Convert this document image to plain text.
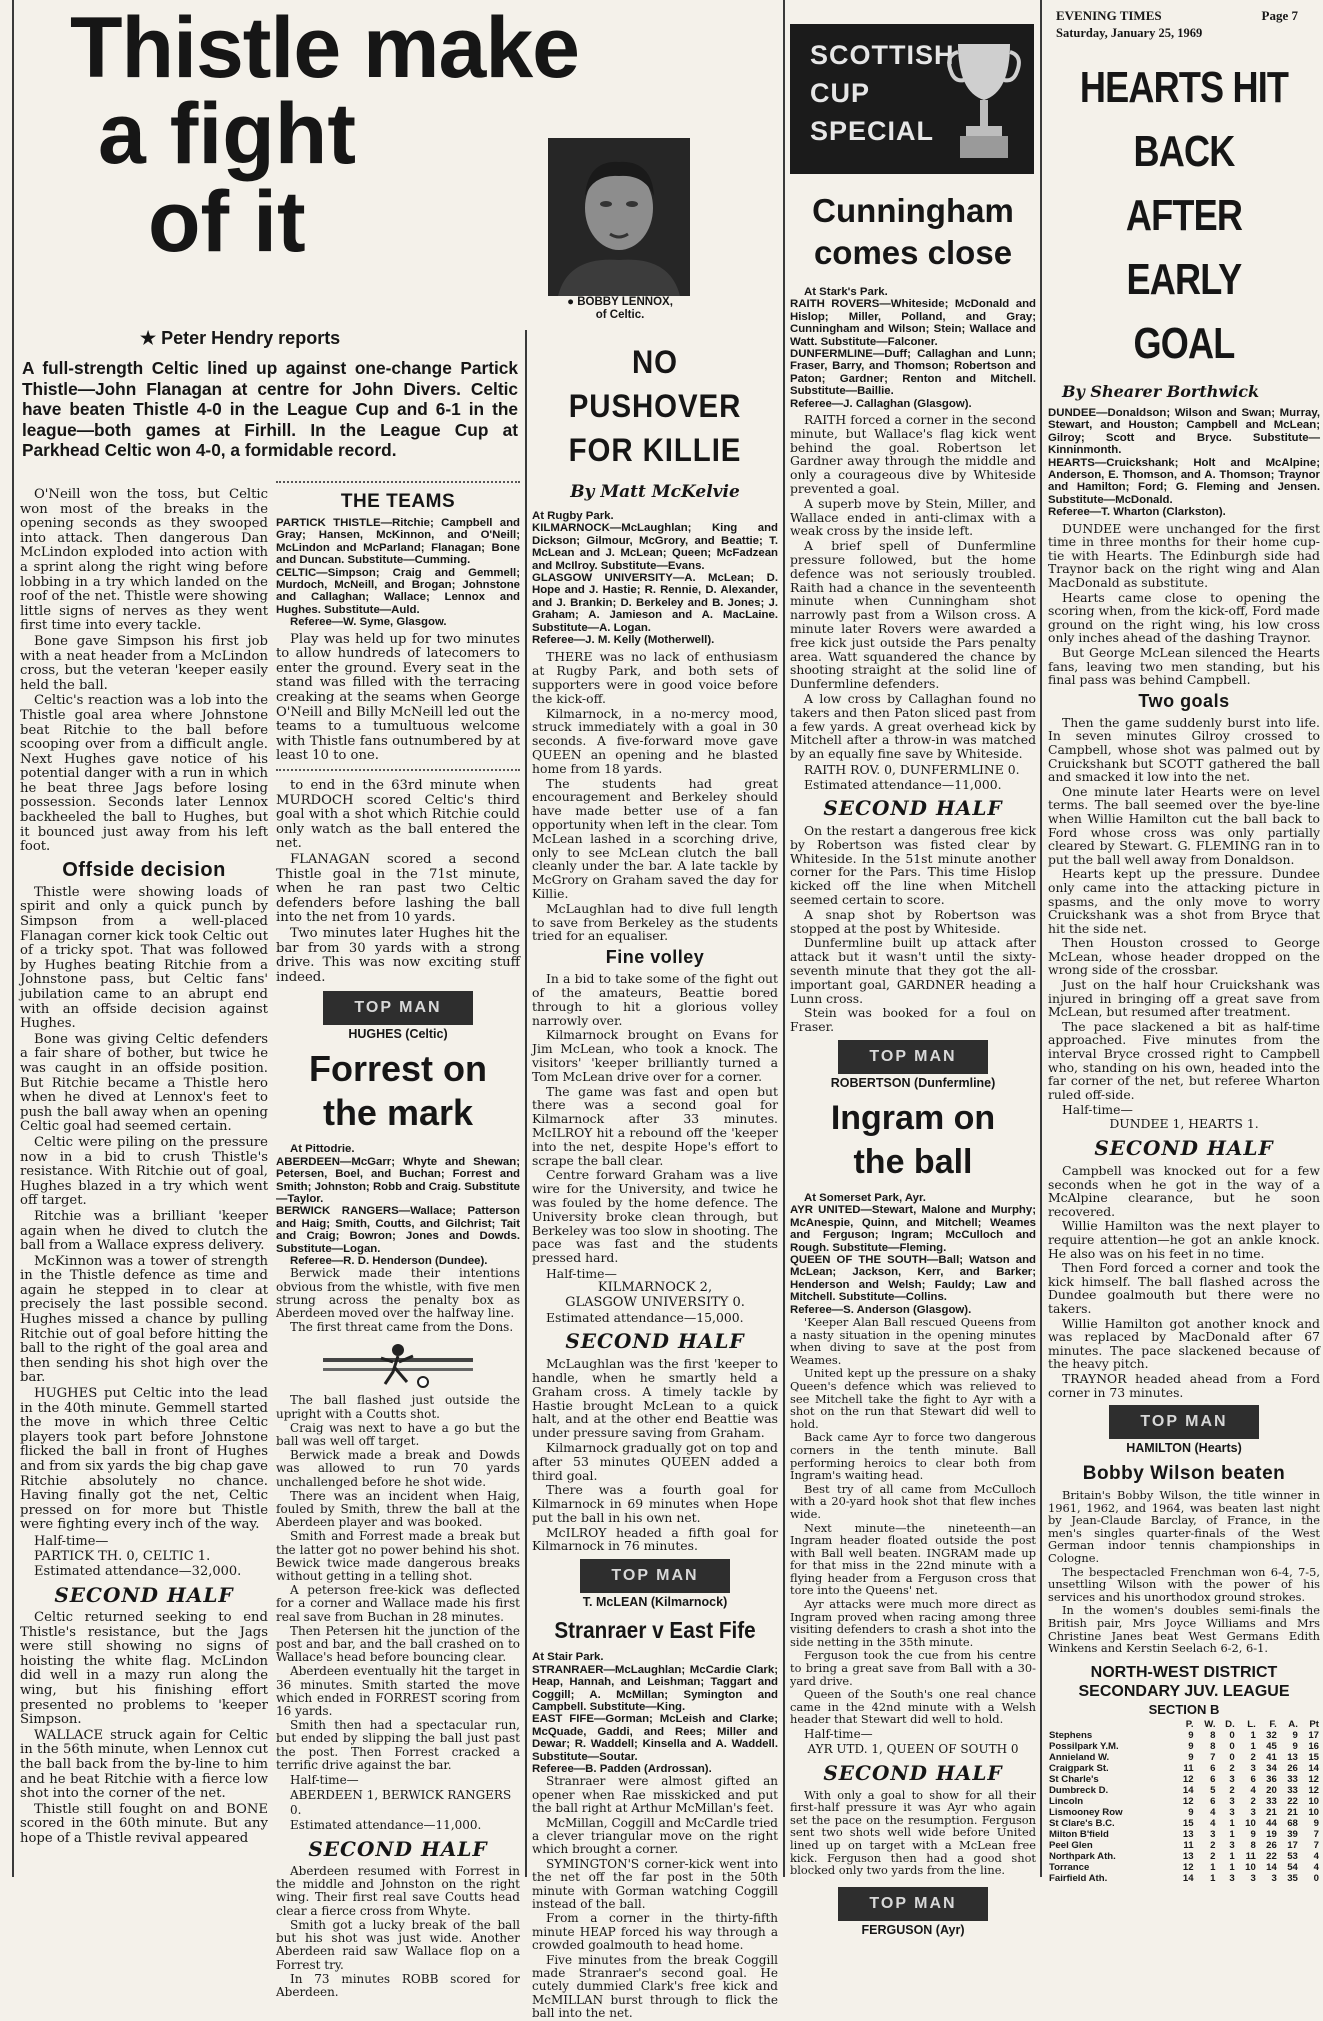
Thistle make
a fight
of it
★ Peter Hendry reports

A full-strength Celtic lined up against one-change Partick Thistle—John Flanagan at centre for John Divers. Celtic have beaten Thistle 4-0 in the League Cup and 6-1 in the league—both games at Firhill. In the League Cup at Parkhead Celtic won 4-0, a formidable record.

O'Neill won the toss, but Celtic won most of the breaks in the opening seconds as they swooped into attack. Then dangerous Dan McLindon exploded into action with a sprint along the right wing before lobbing in a try which landed on the roof of the net. Thistle were showing little signs of nerves as they went first time into every tackle.

Bone gave Simpson his first job with a neat header from a McLindon cross, but the veteran 'keeper easily held the ball.

Celtic's reaction was a lob into the Thistle goal area where Johnstone beat Ritchie to the ball before scooping over from a difficult angle. Next Hughes gave notice of his potential danger with a run in which he beat three Jags before losing possession. Seconds later Lennox backheeled the ball to Hughes, but it bounced just away from his left foot.

Offside decision

Thistle were showing loads of spirit and only a quick punch by Simpson from a well-placed Flanagan corner kick took Celtic out of a tricky spot. That was followed by Hughes beating Ritchie from a Johnstone pass, but Celtic fans' jubilation came to an abrupt end with an offside decision against Hughes.

Bone was giving Celtic defenders a fair share of bother, but twice he was caught in an offside position. But Ritchie became a Thistle hero when he dived at Lennox's feet to push the ball away when an opening Celtic goal had seemed certain.

Celtic were piling on the pressure now in a bid to crush Thistle's resistance. With Ritchie out of goal, Hughes blazed in a try which went off target.

Ritchie was a brilliant 'keeper again when he dived to clutch the ball from a Wallace express delivery.

McKinnon was a tower of strength in the Thistle defence as time and again he stepped in to clear at precisely the last possible second. Hughes missed a chance by pulling Ritchie out of goal before hitting the ball to the right of the goal area and then sending his shot high over the bar.

HUGHES put Celtic into the lead in the 40th minute. Gemmell started the move in which three Celtic players took part before Johnstone flicked the ball in front of Hughes and from six yards the big chap gave Ritchie absolutely no chance. Having finally got the net, Celtic pressed on for more but Thistle were fighting every inch of the way.

Half-time—
PARTICK TH. 0, CELTIC 1.
Estimated attendance—32,000.
SECOND HALF

Celtic returned seeking to end Thistle's resistance, but the Jags were still showing no signs of hoisting the white flag. McLindon did well in a mazy run along the wing, but his finishing effort presented no problems to 'keeper Simpson.

WALLACE struck again for Celtic in the 56th minute, when Lennox cut the ball back from the by-line to him and he beat Ritchie with a fierce low shot into the corner of the net.

Thistle still fought on and BONE scored in the 60th minute. But any hope of a Thistle revival appeared

THE TEAMS

PARTICK THISTLE—Ritchie; Campbell and Gray; Hansen, McKinnon, and O'Neill; McLindon and McParland; Flanagan; Bone and Duncan. Substitute—Cumming.

CELTIC—Simpson; Craig and Gemmell; Murdoch, McNeill, and Brogan; Johnstone and Callaghan; Wallace; Lennox and Hughes. Substitute—Auld.

Referee—W. Syme, Glasgow.

Play was held up for two minutes to allow hundreds of latecomers to enter the ground. Every seat in the stand was filled with the terracing creaking at the seams when George O'Neill and Billy McNeill led out the teams to a tumultuous welcome with Thistle fans outnumbered by at least 10 to one.

to end in the 63rd minute when MURDOCH scored Celtic's third goal with a shot which Ritchie could only watch as the ball entered the net.

FLANAGAN scored a second Thistle goal in the 71st minute, when he ran past two Celtic defenders before lashing the ball into the net from 10 yards.

Two minutes later Hughes hit the bar from 30 yards with a strong drive. This was now exciting stuff indeed.

TOP MAN
HUGHES (Celtic)
Forrest on
the mark

At Pittodrie.

ABERDEEN—McGarr; Whyte and Shewan; Petersen, Boel, and Buchan; Forrest and Smith; Johnston; Robb and Craig. Substitute—Taylor.

BERWICK RANGERS—Wallace; Patterson and Haig; Smith, Coutts, and Gilchrist; Tait and Craig; Bowron; Jones and Dowds. Substitute—Logan.

Referee—R. D. Henderson (Dundee).

Berwick made their intentions obvious from the whistle, with five men strung across the penalty box as Aberdeen moved over the halfway line.

The first threat came from the Dons.

The ball flashed just outside the upright with a Coutts shot.

Craig was next to have a go but the ball was well off target.

Berwick made a break and Dowds was allowed to run 70 yards unchallenged before he shot wide.

There was an incident when Haig, fouled by Smith, threw the ball at the Aberdeen player and was booked.

Smith and Forrest made a break but the latter got no power behind his shot. Bewick twice made dangerous breaks without getting in a telling shot.

A peterson free-kick was deflected for a corner and Wallace made his first real save from Buchan in 28 minutes.

Then Petersen hit the junction of the post and bar, and the ball crashed on to Wallace's head before bouncing clear.

Aberdeen eventually hit the target in 36 minutes. Smith started the move which ended in FORREST scoring from 16 yards.

Smith then had a spectacular run, but ended by slipping the ball just past the post. Then Forrest cracked a terrific drive against the bar.

Half-time—
ABERDEEN 1, BERWICK RANGERS 0.
Estimated attendance—11,000.
SECOND HALF

Aberdeen resumed with Forrest in the middle and Johnston on the right wing. Their first real save Coutts head clear a fierce cross from Whyte.

Smith got a lucky break of the ball but his shot was just wide. Another Aberdeen raid saw Wallace flop on a Forrest try.

In 73 minutes ROBB scored for Aberdeen.

● BOBBY LENNOX,
of Celtic.
NO PUSHOVER
FOR KILLIE
By Matt McKelvie

At Rugby Park.

KILMARNOCK—McLaughlan; King and Dickson; Gilmour, McGrory, and Beattie; T. McLean and J. McLean; Queen; McFadzean and McIlroy. Substitute—Evans.

GLASGOW UNIVERSITY—A. McLean; D. Hope and J. Hastie; R. Rennie, D. Alexander, and J. Brankin; D. Berkeley and B. Jones; J. Graham; A. Jamieson and A. MacLaine. Substitute—A. Logan.

Referee—J. M. Kelly (Motherwell).

THERE was no lack of enthusiasm at Rugby Park, and both sets of supporters were in good voice before the kick-off.

Kilmarnock, in a no-mercy mood, struck immediately with a goal in 30 seconds. A five-forward move gave QUEEN an opening and he blasted home from 18 yards.

The students had great encouragement and Berkeley should have made better use of a fan opportunity when left in the clear. Tom McLean lashed in a scorching drive, only to see McLean clutch the ball cleanly under the bar. A late tackle by McGrory on Graham saved the day for Killie.

McLaughlan had to dive full length to save from Berkeley as the students tried for an equaliser.

Fine volley

In a bid to take some of the fight out of the amateurs, Beattie bored through to hit a glorious volley narrowly over.

Kilmarnock brought on Evans for Jim McLean, who took a knock. The visitors' 'keeper brilliantly turned a Tom McLean drive over for a corner.

The game was fast and open but there was a second goal for Kilmarnock after 33 minutes. McILROY hit a rebound off the 'keeper into the net, despite Hope's effort to scrape the ball clear.

Centre forward Graham was a live wire for the University, and twice he was fouled by the home defence. The University broke clean through, but Berkeley was too slow in shooting. The pace was fast and the students pressed hard.

Half-time—
KILMARNOCK 2,
GLASGOW UNIVERSITY 0.
Estimated attendance—15,000.
SECOND HALF

McLaughlan was the first 'keeper to handle, when he smartly held a Graham cross. A timely tackle by Hastie brought McLean to a quick halt, and at the other end Beattie was under pressure saving from Graham.

Kilmarnock gradually got on top and after 53 minutes QUEEN added a third goal.

There was a fourth goal for Kilmarnock in 69 minutes when Hope put the ball in his own net.

McILROY headed a fifth goal for Kilmarnock in 76 minutes.

TOP MAN
T. McLEAN (Kilmarnock)
Stranraer v East Fife

At Stair Park.

STRANRAER—McLaughlan; McCardie Clark; Heap, Hannah, and Leishman; Taggart and Coggill; A. McMillan; Symington and Campbell. Substitute—King.

EAST FIFE—Gorman; McLeish and Clarke; McQuade, Gaddi, and Rees; Miller and Dewar; R. Waddell; Kinsella and A. Waddell. Substitute—Soutar.

Referee—B. Padden (Ardrossan).

Stranraer were almost gifted an opener when Rae misskicked and put the ball right at Arthur McMillan's feet.

McMillan, Coggill and McCardle tried a clever triangular move on the right which brought a corner.

SYMINGTON'S corner-kick went into the net off the far post in the 50th minute with Gorman watching Coggill instead of the ball.

From a corner in the thirty-fifth minute HEAP forced his way through a crowded goalmouth to head home.

Five minutes from the break Coggill made Stranraer's second goal. He cutely dummied Clark's free kick and McMILLAN burst through to flick the ball into the net.

SCOTTISH
CUP
SPECIAL
Cunningham
comes close

At Stark's Park.

RAITH ROVERS—Whiteside; McDonald and Hislop; Miller, Polland, and Gray; Cunningham and Wilson; Stein; Wallace and Watt. Substitute—Falconer.

DUNFERMLINE—Duff; Callaghan and Lunn; Fraser, Barry, and Thomson; Robertson and Paton; Gardner; Renton and Mitchell. Substitute—Baillie.

Referee—J. Callaghan (Glasgow).

RAITH forced a corner in the second minute, but Wallace's flag kick went behind the goal. Robertson let Gardner away through the middle and only a courageous dive by Whiteside prevented a goal.

A superb move by Stein, Miller, and Wallace ended in anti-climax with a weak cross by the inside left.

A brief spell of Dunfermline pressure followed, but the home defence was not seriously troubled. Raith had a chance in the seventeenth minute when Cunningham shot narrowly past from a Wilson cross. A minute later Rovers were awarded a free kick just outside the Pars penalty area. Watt squandered the chance by shooting straight at the solid line of Dunfermline defenders.

A low cross by Callaghan found no takers and then Paton sliced past from a few yards. A great overhead kick by Mitchell after a throw-in was matched by an equally fine save by Whiteside.

RAITH ROV. 0, DUNFERMLINE 0.
Estimated attendance—11,000.
SECOND HALF

On the restart a dangerous free kick by Robertson was fisted clear by Whiteside. In the 51st minute another corner for the Pars. This time Hislop kicked off the line when Mitchell seemed certain to score.

A snap shot by Robertson was stopped at the post by Whiteside.

Dunfermline built up attack after attack but it wasn't until the sixty-seventh minute that they got the all-important goal, GARDNER heading a Lunn cross.

Stein was booked for a foul on Fraser.

TOP MAN
ROBERTSON (Dunfermline)
Ingram on
the ball

At Somerset Park, Ayr.

AYR UNITED—Stewart, Malone and Murphy; McAnespie, Quinn, and Mitchell; Weames and Ferguson; Ingram; McCulloch and Rough. Substitute—Fleming.

QUEEN OF THE SOUTH—Ball; Watson and McLean; Jackson, Kerr, and Barker; Henderson and Welsh; Fauldy; Law and Mitchell. Substitute—Collins.

Referee—S. Anderson (Glasgow).

'Keeper Alan Ball rescued Queens from a nasty situation in the opening minutes when diving to save at the post from Weames.

United kept up the pressure on a shaky Queen's defence which was relieved to see Mitchell take the fight to Ayr with a shot on the run that Stewart did well to hold.

Back came Ayr to force two dangerous corners in the tenth minute. Ball performing heroics to clear both from Ingram's waiting head.

Best try of all came from McCulloch with a 20-yard hook shot that flew inches wide.

Next minute—the nineteenth—an Ingram header floated outside the post with Ball well beaten. INGRAM made up for that miss in the 22nd minute with a flying header from a Ferguson cross that tore into the Queens' net.

Ayr attacks were much more direct as Ingram proved when racing among three visiting defenders to crash a shot into the side netting in the 35th minute.

Ferguson took the cue from his centre to bring a great save from Ball with a 30-yard drive.

Queen of the South's one real chance came in the 42nd minute with a Welsh header that Stewart did well to hold.

Half-time—
AYR UTD. 1, QUEEN OF SOUTH 0
SECOND HALF

With only a goal to show for all their first-half pressure it was Ayr who again set the pace on the resumption. Ferguson sent two shots well wide before United lined up on target with a McLean free kick. Ferguson then had a good shot blocked only two yards from the line.

TOP MAN
FERGUSON (Ayr)
EVENING TIMES	Page 7
Saturday, January 25, 1969
HEARTS HIT
BACK AFTER
EARLY GOAL
By Shearer Borthwick

DUNDEE—Donaldson; Wilson and Swan; Murray, Stewart, and Houston; Campbell and McLean; Gilroy; Scott and Bryce. Substitute—Kinninmonth.

HEARTS—Cruickshank; Holt and McAlpine; Anderson, E. Thomson, and A. Thomson; Traynor and Hamilton; Ford; G. Fleming and Jensen. Substitute—McDonald.

Referee—T. Wharton (Clarkston).

DUNDEE were unchanged for the first time in three months for their home cup-tie with Hearts. The Edinburgh side had Traynor back on the right wing and Alan MacDonald as substitute.

Hearts came close to opening the scoring when, from the kick-off, Ford made ground on the right wing, his low cross only inches ahead of the dashing Traynor.

But George McLean silenced the Hearts fans, leaving two men standing, but his final pass was behind Campbell.

Two goals

Then the game suddenly burst into life. In seven minutes Gilroy crossed to Campbell, whose shot was palmed out by Cruickshank but SCOTT gathered the ball and smacked it low into the net.

One minute later Hearts were on level terms. The ball seemed over the bye-line when Willie Hamilton cut the ball back to Ford whose cross was only partially cleared by Stewart. G. FLEMING ran in to put the ball well away from Donaldson.

Hearts kept up the pressure. Dundee only came into the attacking picture in spasms, and the only move to worry Cruickshank was a shot from Bryce that hit the side net.

Then Houston crossed to George McLean, whose header dropped on the wrong side of the crossbar.

Just on the half hour Cruickshank was injured in bringing off a great save from McLean, but resumed after treatment.

The pace slackened a bit as half-time approached. Five minutes from the interval Bryce crossed right to Campbell who, standing on his own, headed into the far corner of the net, but referee Wharton ruled off-side.

Half-time—
DUNDEE 1, HEARTS 1.
SECOND HALF

Campbell was knocked out for a few seconds when he got in the way of a McAlpine clearance, but he soon recovered.

Willie Hamilton was the next player to require attention—he got an ankle knock. He also was on his feet in no time.

Then Ford forced a corner and took the kick himself. The ball flashed across the Dundee goalmouth but there were no takers.

Willie Hamilton got another knock and was replaced by MacDonald after 67 minutes. The pace slackened because of the heavy pitch.

TRAYNOR headed ahead from a Ford corner in 73 minutes.

TOP MAN
HAMILTON (Hearts)
Bobby Wilson beaten

Britain's Bobby Wilson, the title winner in 1961, 1962, and 1964, was beaten last night by Jean-Claude Barclay, of France, in the men's singles quarter-finals of the West German indoor tennis championships in Cologne.

The bespectacled Frenchman won 6-4, 7-5, unsettling Wilson with the power of his services and his unorthodox ground strokes.

In the women's doubles semi-finals the British pair, Mrs Joyce Williams and Mrs Christine Janes beat West Germans Edith Winkens and Kerstin Seelach 6-2, 6-1.

NORTH-WEST DISTRICT
SECONDARY JUV. LEAGUE
SECTION B
	P.	W.	D.	L.	F.	A.	Pt
Stephens	9	8	0	1	32	9	17
Possilpark Y.M.	9	8	0	1	45	9	16
Annieland W.	9	7	0	2	41	13	15
Craigpark St.	11	6	2	3	34	26	14
St Charle's	12	6	3	6	36	33	12
Dumbreck D.	14	5	2	4	20	33	12
Lincoln	12	6	3	2	33	22	10
Lismooney Row	9	4	3	3	21	21	10
St Clare's B.C.	15	4	1	10	44	68	9
Milton B'field	13	3	1	9	19	39	7
Peel Glen	11	2	3	8	26	17	7
Northpark Ath.	13	2	1	11	22	53	4
Torrance	12	1	1	10	14	54	4
Fairfield Ath.	14	1	3	3	3	35	0
